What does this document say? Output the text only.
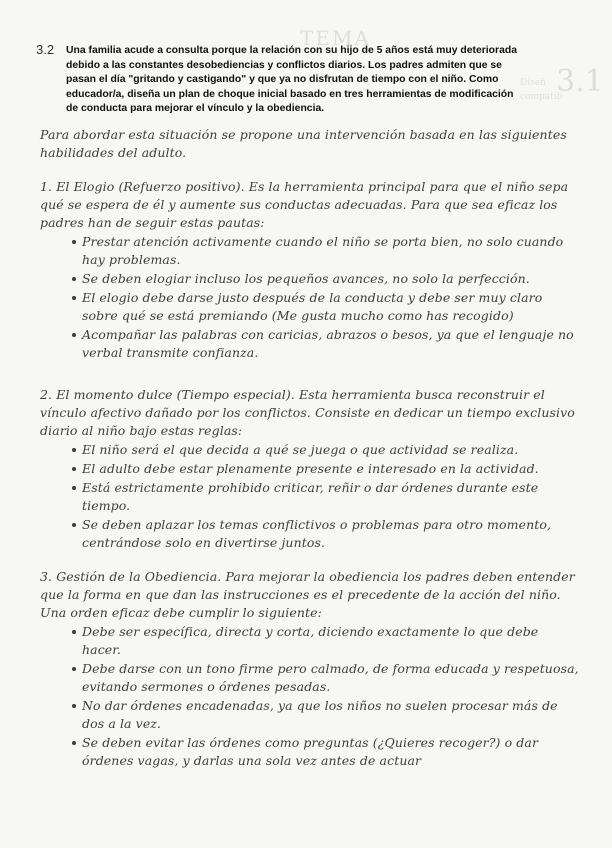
TEMA
3.1
Diseñ
compatib
3.2 Una familia acude a consulta porque la relación con su hijo de 5 años está muy deteriorada debido a las constantes desobediencias y conflictos diarios. Los padres admiten que se pasan el día "gritando y castigando" y que ya no disfrutan de tiempo con el niño. Como educador/a, diseña un plan de choque inicial basado en tres herramientas de modificación de conducta para mejorar el vínculo y la obediencia.
Para abordar esta situación se propone una intervención basada en las siguientes habilidades del adulto.
1. El Elogio (Refuerzo positivo). Es la herramienta principal para que el niño sepa qué se espera de él y aumente sus conductas adecuadas. Para que sea eficaz los padres han de seguir estas pautas:
Prestar atención activamente cuando el niño se porta bien, no solo cuando hay problemas.
Se deben elogiar incluso los pequeños avances, no solo la perfección.
El elogio debe darse justo después de la conducta y debe ser muy claro sobre qué se está premiando (Me gusta mucho como has recogido)
Acompañar las palabras con caricias, abrazos o besos, ya que el lenguaje no verbal transmite confianza.
2. El momento dulce (Tiempo especial). Esta herramienta busca reconstruir el vínculo afectivo dañado por los conflictos. Consiste en dedicar un tiempo exclusivo diario al niño bajo estas reglas:
El niño será el que decida a qué se juega o que actividad se realiza.
El adulto debe estar plenamente presente e interesado en la actividad.
Está estrictamente prohibido criticar, reñir o dar órdenes durante este tiempo.
Se deben aplazar los temas conflictivos o problemas para otro momento, centrándose solo en divertirse juntos.
3. Gestión de la Obediencia. Para mejorar la obediencia los padres deben entender que la forma en que dan las instrucciones es el precedente de la acción del niño. Una orden eficaz debe cumplir lo siguiente:
Debe ser específica, directa y corta, diciendo exactamente lo que debe hacer.
Debe darse con un tono firme pero calmado, de forma educada y respetuosa, evitando sermones o órdenes pesadas.
No dar órdenes encadenadas, ya que los niños no suelen procesar más de dos a la vez.
Se deben evitar las órdenes como preguntas (¿Quieres recoger?) o dar órdenes vagas, y darlas una sola vez antes de actuar
